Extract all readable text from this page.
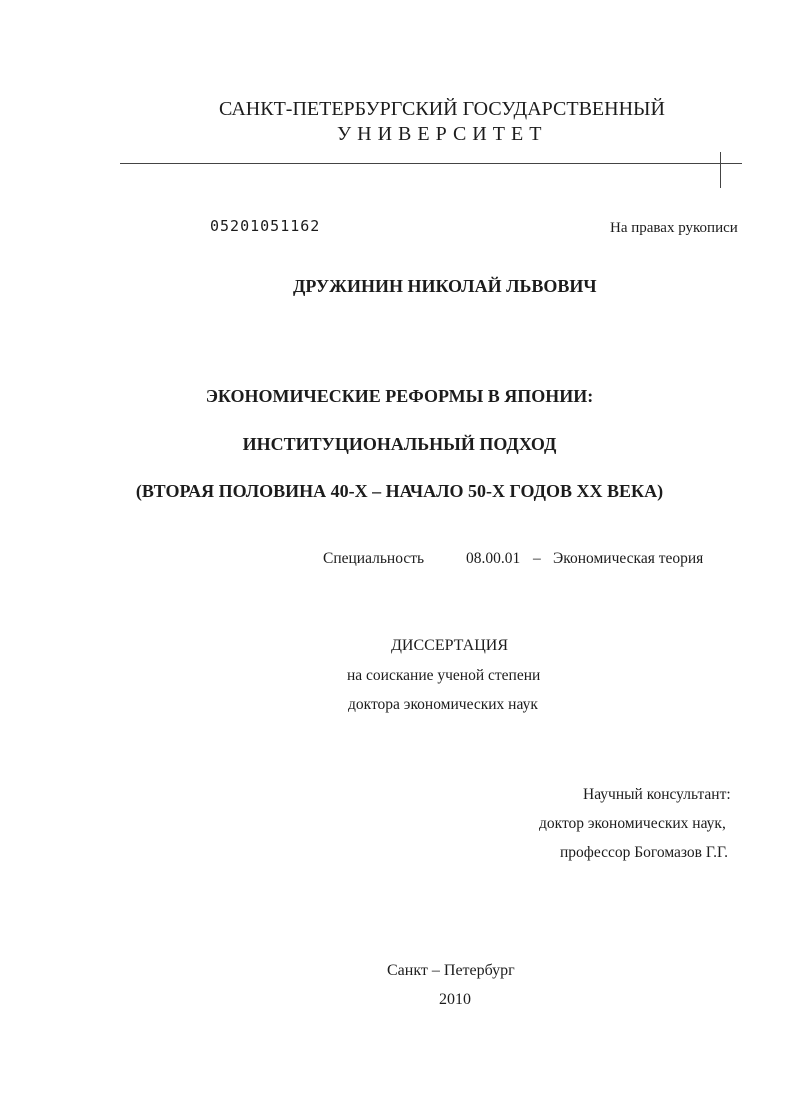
САНКТ-ПЕТЕРБУРГСКИЙ ГОСУДАРСТВЕННЫЙ
УНИВЕРСИТЕТ
05201051162	На правах рукописи
ДРУЖИНИН НИКОЛАЙ ЛЬВОВИЧ
ЭКОНОМИЧЕСКИЕ РЕФОРМЫ В ЯПОНИИ:
ИНСТИТУЦИОНАЛЬНЫЙ ПОДХОД
(ВТОРАЯ ПОЛОВИНА 40-Х – НАЧАЛО 50-Х ГОДОВ XX ВЕКА)
Специальность	08.00.01 – Экономическая теория
ДИССЕРТАЦИЯ
на соискание ученой степени
доктора экономических наук
Научный консультант:
доктор экономических наук,
профессор Богомазов Г.Г.
Санкт – Петербург
2010
